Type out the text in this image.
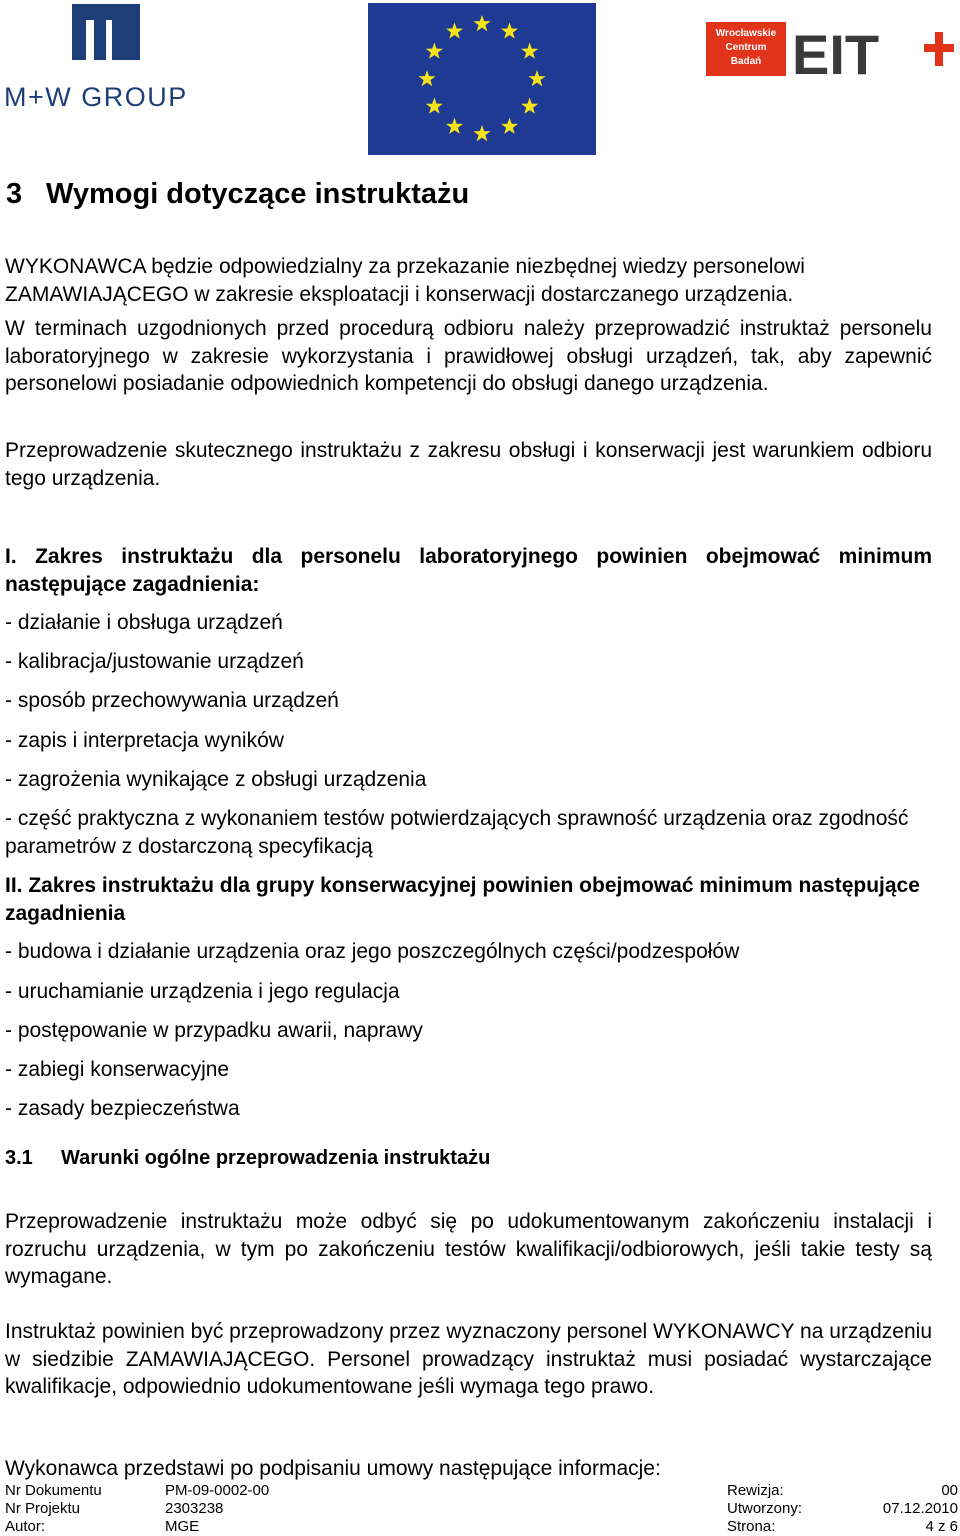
M+W GROUP
Wrocławskie
Centrum
Badań EIT
3 Wymogi dotyczące instruktażu

WYKONAWCA będzie odpowiedzialny za przekazanie niezbędnej wiedzy personelowi ZAMAWIAJĄCEGO w zakresie eksploatacji i konserwacji dostarczanego urządzenia.

W terminach uzgodnionych przed procedurą odbioru należy przeprowadzić instruktaż personelu laboratoryjnego w zakresie wykorzystania i prawidłowej obsługi urządzeń, tak, aby zapewnić personelowi posiadanie odpowiednich kompetencji do obsługi danego urządzenia.

Przeprowadzenie skutecznego instruktażu z zakresu obsługi i konserwacji jest warunkiem odbioru tego urządzenia.

I. Zakres instruktażu dla personelu laboratoryjnego powinien obejmować minimum następujące zagadnienia:

- działanie i obsługa urządzeń

- kalibracja/justowanie urządzeń

- sposób przechowywania urządzeń

- zapis i interpretacja wyników

- zagrożenia wynikające z obsługi urządzenia

- część praktyczna z wykonaniem testów potwierdzających sprawność urządzenia oraz zgodność parametrów z dostarczoną specyfikacją

II. Zakres instruktażu dla grupy konserwacyjnej powinien obejmować minimum następujące zagadnienia

- budowa i działanie urządzenia oraz jego poszczególnych części/podzespołów

- uruchamianie urządzenia i jego regulacja

- postępowanie w przypadku awarii, naprawy

- zabiegi konserwacyjne

- zasady bezpieczeństwa

3.1 Warunki ogólne przeprowadzenia instruktażu

Przeprowadzenie instruktażu może odbyć się po udokumentowanym zakończeniu instalacji i rozruchu urządzenia, w tym po zakończeniu testów kwalifikacji/odbiorowych, jeśli takie testy są wymagane.

Instruktaż powinien być przeprowadzony przez wyznaczony personel WYKONAWCY na urządzeniu w siedzibie ZAMAWIAJĄCEGO. Personel prowadzący instruktaż musi posiadać wystarczające kwalifikacje, odpowiednio udokumentowane jeśli wymaga tego prawo.

Wykonawca przedstawi po podpisaniu umowy następujące informacje:

Nr Dokumentu	PM-09-0002-00	Rewizja:	00
Nr Projektu	2303238	Utworzony:	07.12.2010
Autor:	MGE	Strona:	4 z 6
